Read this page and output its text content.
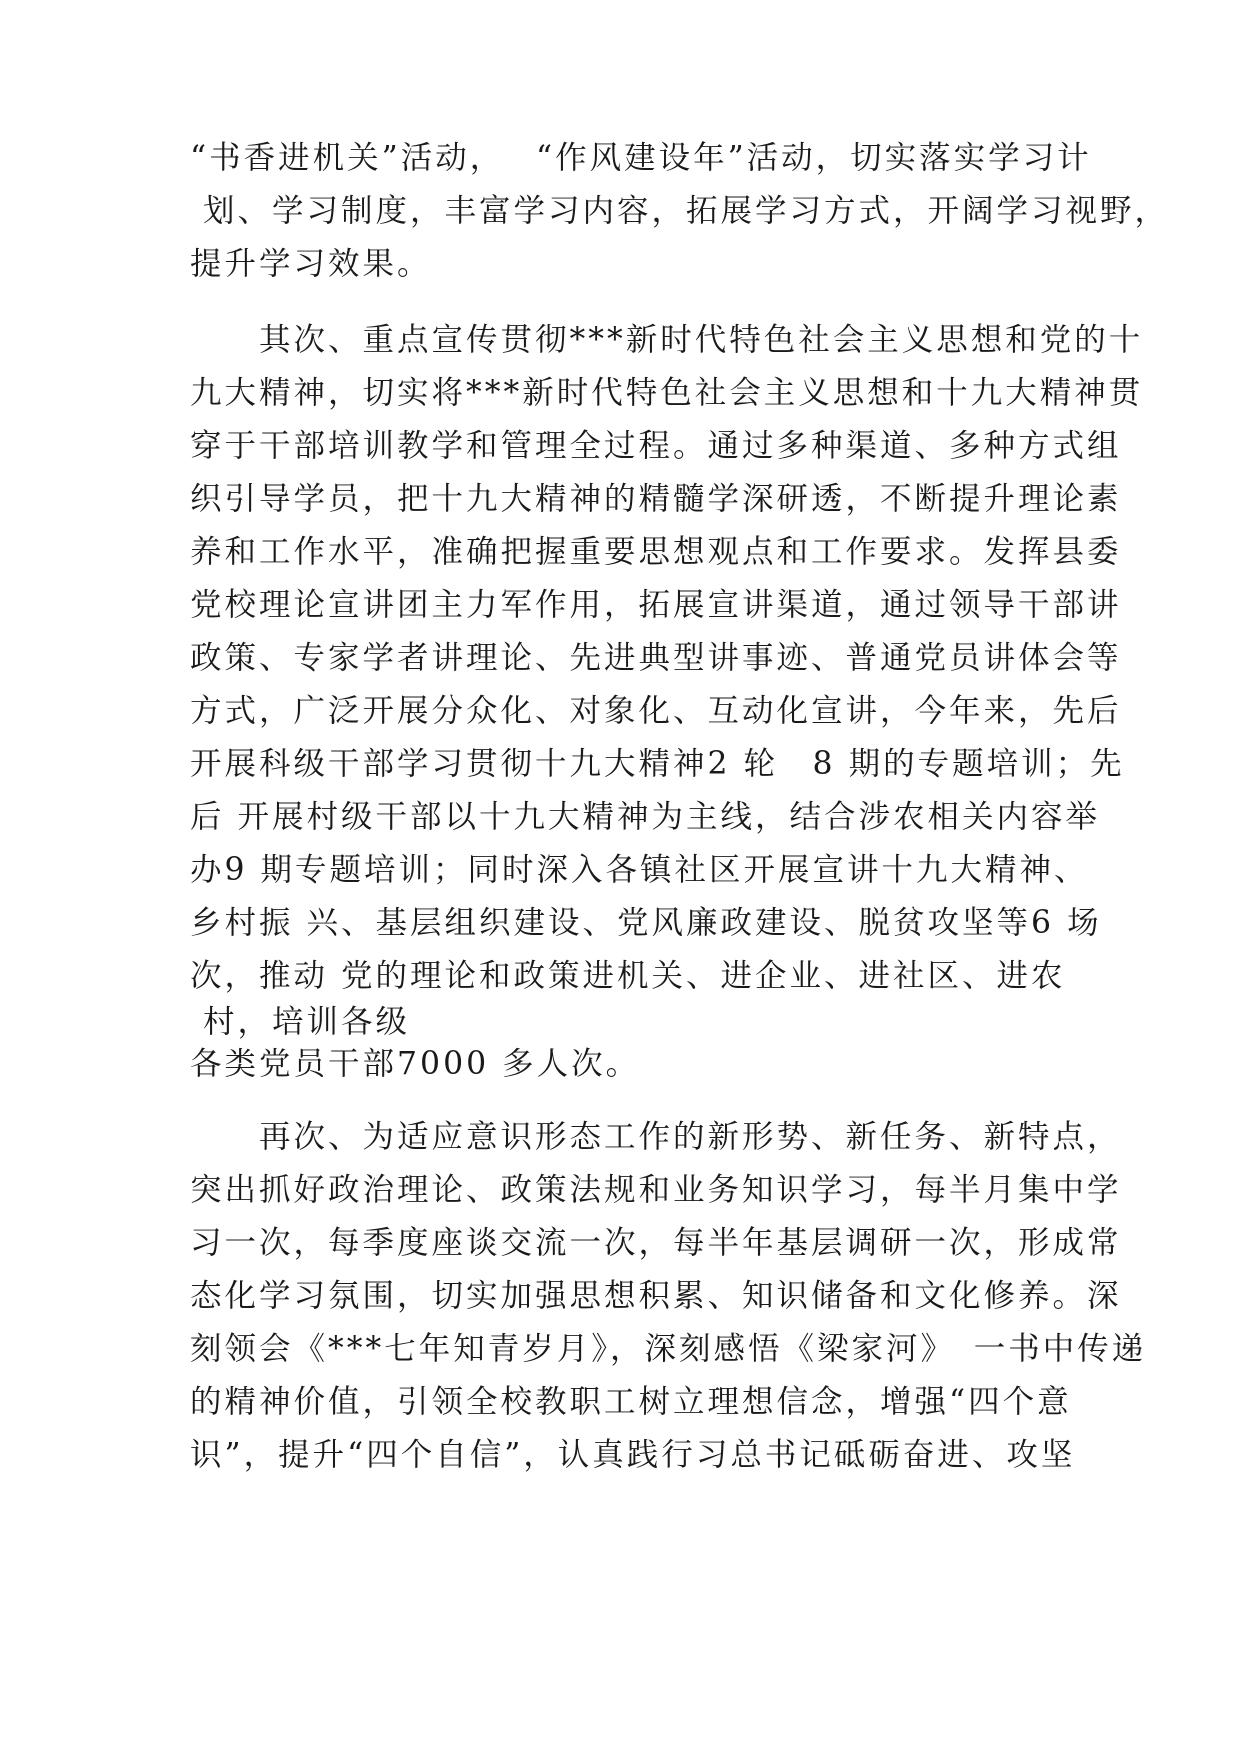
“书香进机关”活动，　 “作风建设年”活动，切实落实学习计

划、学习制度，丰富学习内容，拓展学习方式，开阔学习视野，

提升学习效果。

　　其次、重点宣传贯彻***新时代特色社会主义思想和党的十

九大精神，切实将***新时代特色社会主义思想和十九大精神贯

穿于干部培训教学和管理全过程。通过多种渠道、多种方式组

织引导学员，把十九大精神的精髓学深研透，不断提升理论素

养和工作水平，准确把握重要思想观点和工作要求。发挥县委

党校理论宣讲团主力军作用，拓展宣讲渠道，通过领导干部讲

政策、专家学者讲理论、先进典型讲事迹、普通党员讲体会等

方式，广泛开展分众化、对象化、互动化宣讲，今年来，先后

开展科级干部学习贯彻十九大精神2 轮　8 期的专题培训；先

后 开展村级干部以十九大精神为主线，结合涉农相关内容举

办9 期专题培训；同时深入各镇社区开展宣讲十九大精神、

乡村振 兴、基层组织建设、党风廉政建设、脱贫攻坚等6 场

次，推动 党的理论和政策进机关、进企业、进社区、进农

村，培训各级

各类党员干部7000 多人次。

　　再次、为适应意识形态工作的新形势、新任务、新特点，

突出抓好政治理论、政策法规和业务知识学习，每半月集中学

习一次，每季度座谈交流一次，每半年基层调研一次，形成常

态化学习氛围，切实加强思想积累、知识储备和文化修养。深

刻领会《***七年知青岁月》，深刻感悟《梁家河》　一书中传递

的精神价值，引领全校教职工树立理想信念，增强“四个意

识”，提升“四个自信”，认真践行习总书记砥砺奋进、攻坚
